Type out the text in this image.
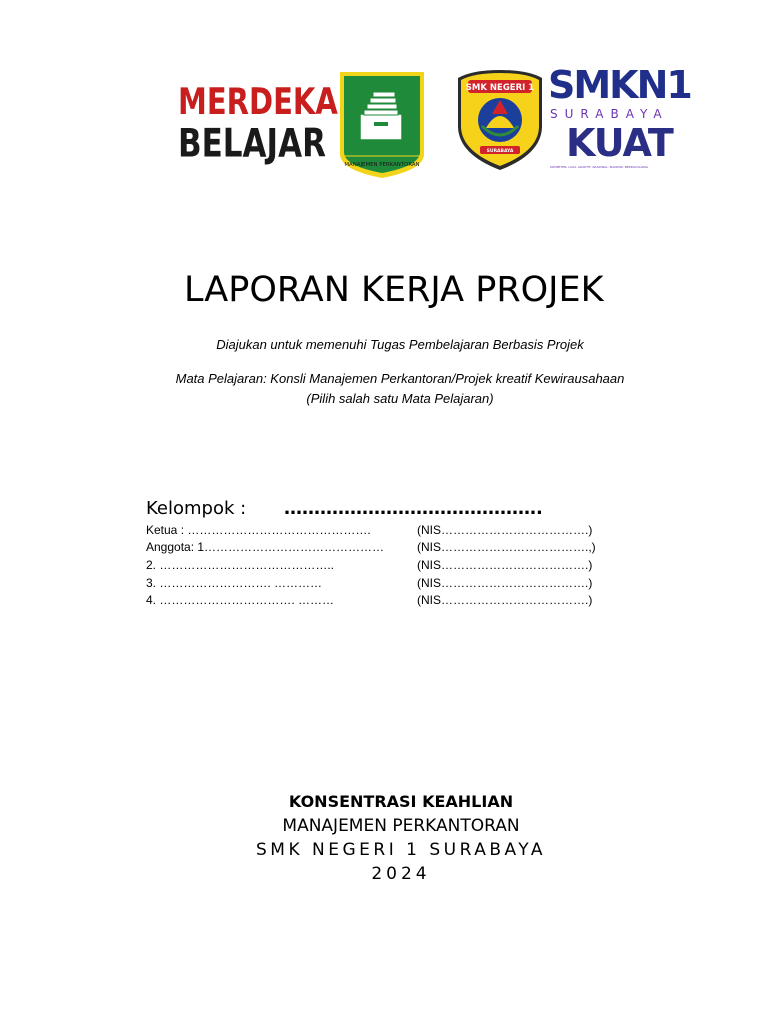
MERDEKA
BELAJAR	MANAJEMEN PERKANTORAN
SMK NEGERI 1
SURABAYA
SMKN1
SURABAYA
KUAT
KOMPETEN, LUAS, ADAPTIF, NASIONAL, MANDIRI, BERDAYASAING
LAPORAN KERJA PROJEK
Diajukan untuk memenuhi Tugas Pembelajaran Berbasis Projek
Mata Pelajaran: Konsli Manajemen Perkantoran/Projek kreatif Kewirausahaan
(Pilih salah satu Mata Pelajaran)
Kelompok : …………………………………….
Ketua : ……………………………………….	(NIS……………………………….)
Anggota: 1………………………………………	(NIS……………………………….,)
2. ……………………………………..	(NIS……………………………….)
3. ………………………. …………	(NIS……………………………….)
4. ……………………………. ………	(NIS……………………………….)
KONSENTRASI KEAHLIAN
MANAJEMEN PERKANTORAN
SMK NEGERI 1 SURABAYA
2024
